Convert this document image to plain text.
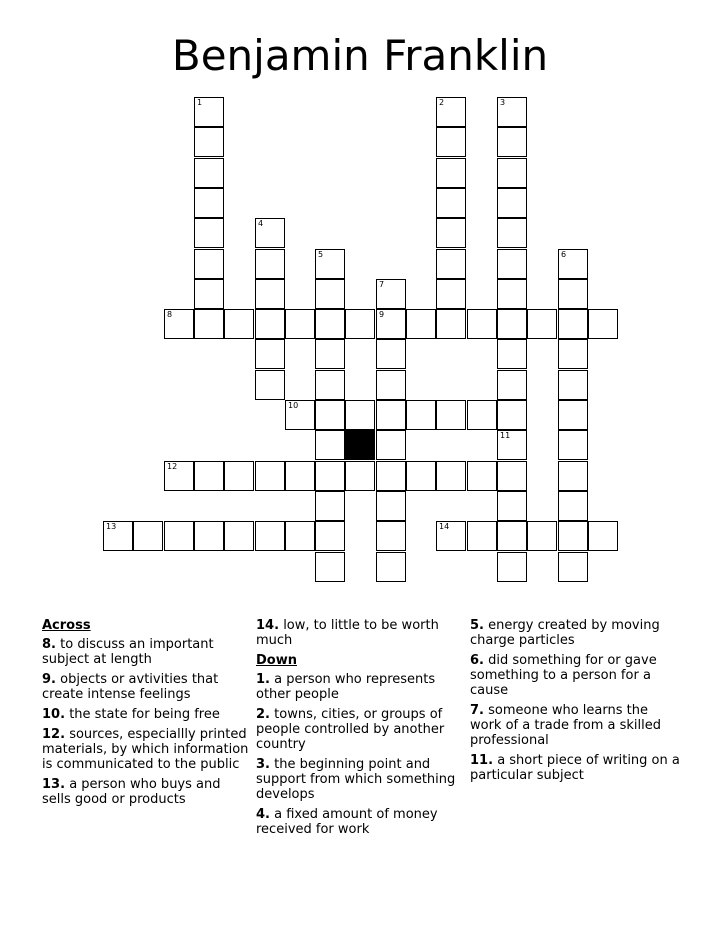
Benjamin Franklin
1	2	3
4
5	6
7
9
8
10
11
12
13	14
Across
8. to discuss an important subject at length
9. objects or avtivities that create intense feelings
10. the state for being free
12. sources, especiallly printed materials, by which information is communicated to the public
13. a person who buys and sells good or products
14. low, to little to be worth much
Down
1. a person who represents other people
2. towns, cities, or groups of people controlled by another country
3. the beginning point and support from which something develops
4. a fixed amount of money received for work
5. energy created by moving charge particles
6. did something for or gave something to a person for a cause
7. someone who learns the work of a trade from a skilled professional
11. a short piece of writing on a particular subject
